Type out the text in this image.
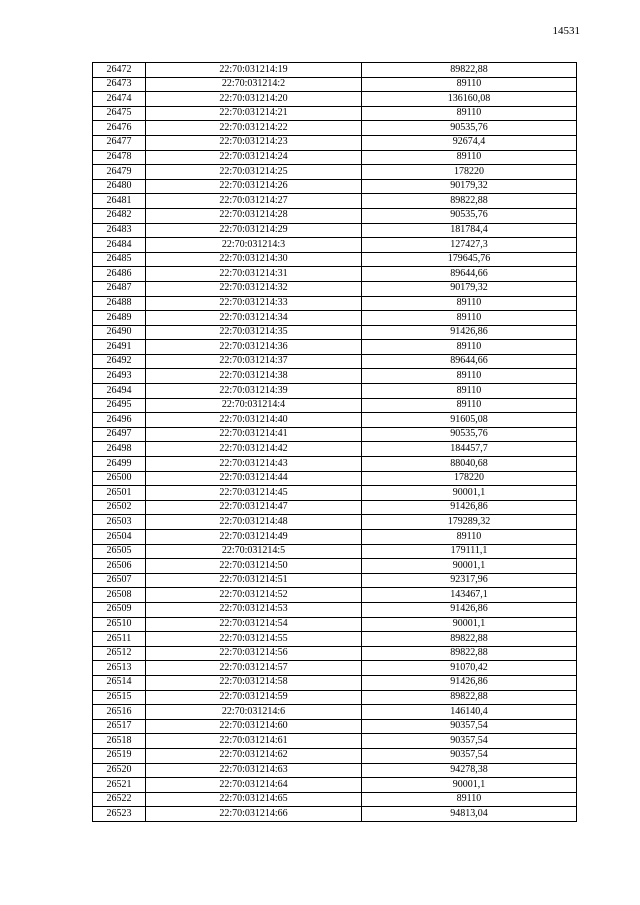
14531
26472	22:70:031214:19	89822,88
26473	22:70:031214:2	89110
26474	22:70:031214:20	136160,08
26475	22:70:031214:21	89110
26476	22:70:031214:22	90535,76
26477	22:70:031214:23	92674,4
26478	22:70:031214:24	89110
26479	22:70:031214:25	178220
26480	22:70:031214:26	90179,32
26481	22:70:031214:27	89822,88
26482	22:70:031214:28	90535,76
26483	22:70:031214:29	181784,4
26484	22:70:031214:3	127427,3
26485	22:70:031214:30	179645,76
26486	22:70:031214:31	89644,66
26487	22:70:031214:32	90179,32
26488	22:70:031214:33	89110
26489	22:70:031214:34	89110
26490	22:70:031214:35	91426,86
26491	22:70:031214:36	89110
26492	22:70:031214:37	89644,66
26493	22:70:031214:38	89110
26494	22:70:031214:39	89110
26495	22:70:031214:4	89110
26496	22:70:031214:40	91605,08
26497	22:70:031214:41	90535,76
26498	22:70:031214:42	184457,7
26499	22:70:031214:43	88040,68
26500	22:70:031214:44	178220
26501	22:70:031214:45	90001,1
26502	22:70:031214:47	91426,86
26503	22:70:031214:48	179289,32
26504	22:70:031214:49	89110
26505	22:70:031214:5	179111,1
26506	22:70:031214:50	90001,1
26507	22:70:031214:51	92317,96
26508	22:70:031214:52	143467,1
26509	22:70:031214:53	91426,86
26510	22:70:031214:54	90001,1
26511	22:70:031214:55	89822,88
26512	22:70:031214:56	89822,88
26513	22:70:031214:57	91070,42
26514	22:70:031214:58	91426,86
26515	22:70:031214:59	89822,88
26516	22:70:031214:6	146140,4
26517	22:70:031214:60	90357,54
26518	22:70:031214:61	90357,54
26519	22:70:031214:62	90357,54
26520	22:70:031214:63	94278,38
26521	22:70:031214:64	90001,1
26522	22:70:031214:65	89110
26523	22:70:031214:66	94813,04
